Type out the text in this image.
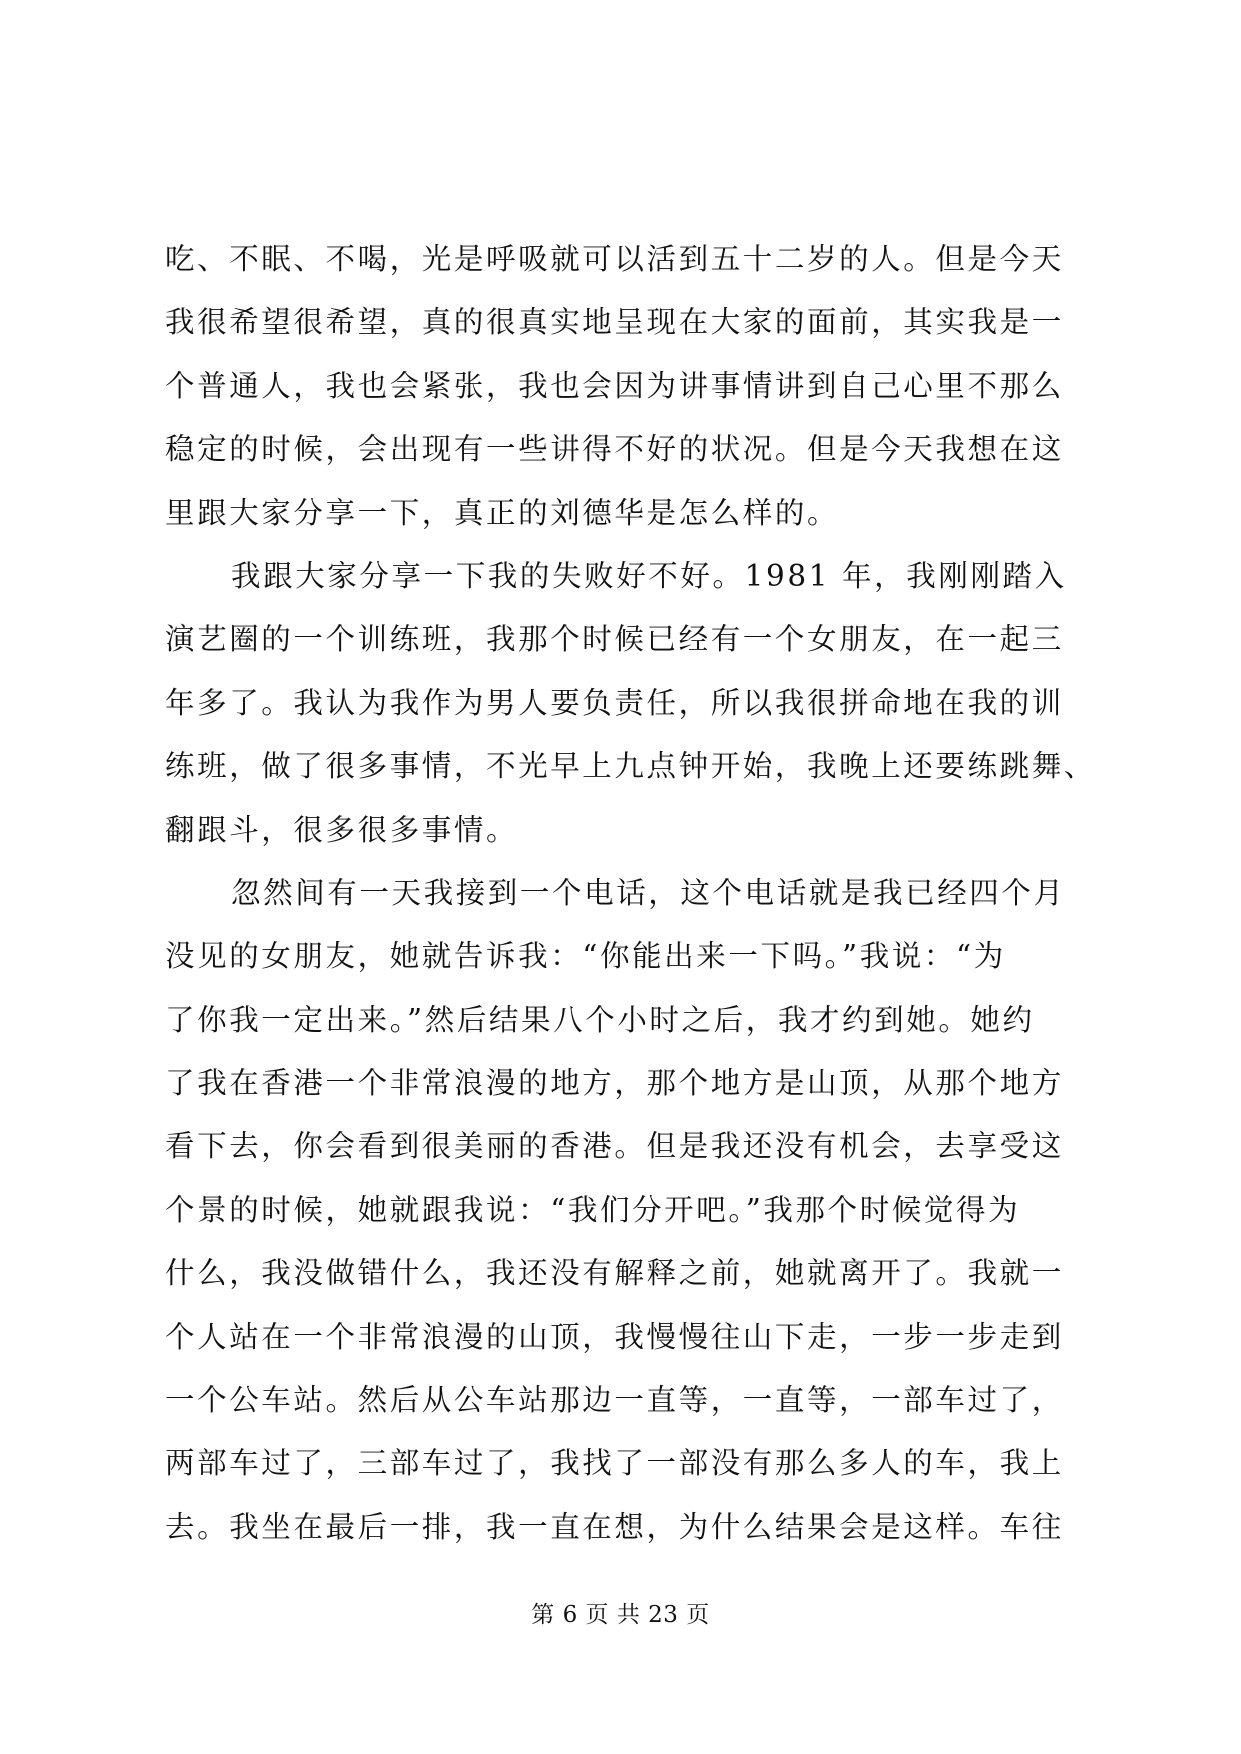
吃、不眠、不喝，光是呼吸就可以活到五十二岁的人。但是今天
我很希望很希望，真的很真实地呈现在大家的面前，其实我是一
个普通人，我也会紧张，我也会因为讲事情讲到自己心里不那么
稳定的时候，会出现有一些讲得不好的状况。但是今天我想在这
里跟大家分享一下，真正的刘德华是怎么样的。
我跟大家分享一下我的失败好不好。1981 年，我刚刚踏入
演艺圈的一个训练班，我那个时候已经有一个女朋友，在一起三
年多了。我认为我作为男人要负责任，所以我很拼命地在我的训
练班，做了很多事情，不光早上九点钟开始，我晚上还要练跳舞、
翻跟斗，很多很多事情。
忽然间有一天我接到一个电话，这个电话就是我已经四个月
没见的女朋友，她就告诉我：“你能出来一下吗。”我说：“为
了你我一定出来。”然后结果八个小时之后，我才约到她。她约
了我在香港一个非常浪漫的地方，那个地方是山顶，从那个地方
看下去，你会看到很美丽的香港。但是我还没有机会，去享受这
个景的时候，她就跟我说：“我们分开吧。”我那个时候觉得为
什么，我没做错什么，我还没有解释之前，她就离开了。我就一
个人站在一个非常浪漫的山顶，我慢慢往山下走，一步一步走到
一个公车站。然后从公车站那边一直等，一直等，一部车过了，
两部车过了，三部车过了，我找了一部没有那么多人的车，我上
去。我坐在最后一排，我一直在想，为什么结果会是这样。车往
第 6 页 共 23 页
